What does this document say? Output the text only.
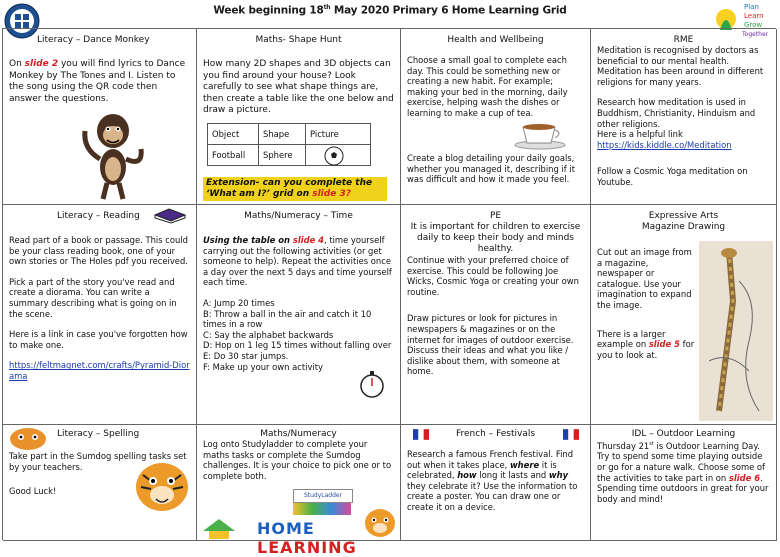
Week beginning 18th May 2020 Primary 6 Home Learning Grid	Plan
Learn
Grow
Together
Literacy – Dance Monkey
On slide 2 you will find lyrics to Dance Monkey by The Tones and I. Listen to the song using the QR code then answer the questions.
Maths- Shape Hunt
How many 2D shapes and 3D objects can you find around your house? Look carefully to see what shape things are, then create a table like the one below and draw a picture.
Object	Shape	Picture
Football	Sphere	
Extension- can you complete the ‘What am I?’ grid on slide 3?
Health and Wellbeing
Choose a small goal to complete each day. This could be something new or creating a new habit. For example; making your bed in the morning, daily exercise, helping wash the dishes or learning to make a cup of tea.
Create a blog detailing your daily goals, whether you managed it, describing if it was difficult and how it made you feel.
RME
Meditation is recognised by doctors as beneficial to our mental health. Meditation has been around in different religions for many years.
Research how meditation is used in Buddhism, Christianity, Hinduism and other religions.
Here is a helpful link
https://kids.kiddle.co/Meditation
Follow a Cosmic Yoga meditation on Youtube.
Literacy – Reading
Read part of a book or passage. This could be your class reading book, one of your own stories or The Holes pdf you received.
Pick a part of the story you've read and create a diorama. You can write a summary describing what is going on in the scene.
Here is a link in case you've forgotten how to make one.
https://feltmagnet.com/crafts/Pyramid-Diorama
Maths/Numeracy – Time
Using the table on slide 4, time yourself carrying out the following activities (or get someone to help). Repeat the activities once a day over the next 5 days and time yourself each time.
A: Jump 20 times
B: Throw a ball in the air and catch it 10 times in a row
C: Say the alphabet backwards
D: Hop on 1 leg 15 times without falling over
E: Do 30 star jumps.
F: Make up your own activity
PE
It is important for children to exercise daily to keep their body and minds healthy.
Continue with your preferred choice of exercise. This could be following Joe Wicks, Cosmic Yoga or creating your own routine.
Draw pictures or look for pictures in newspapers & magazines or on the internet for images of outdoor exercise. Discuss their ideas and what you like / dislike about them, with someone at home.
Expressive Arts
Magazine Drawing
Cut out an image from a magazine, newspaper or catalogue. Use your imagination to expand the image.
There is a larger example on slide 5 for you to look at.
Literacy – Spelling
Take part in the Sumdog spelling tasks set by your teachers.
Good Luck!
Maths/Numeracy
Log onto Studyladder to complete your maths tasks or complete the Sumdog challenges. It is your choice to pick one or to complete both.
StudyLadder
HOME LEARNING
French – Festivals
Research a famous French festival. Find out when it takes place, where it is celebrated, how long it lasts and why they celebrate it? Use the information to create a poster. You can draw one or create it on a device.
IDL – Outdoor Learning
Thursday 21st is Outdoor Learning Day. Try to spend some time playing outside or go for a nature walk. Choose some of the activities to take part in on slide 6. Spending time outdoors in great for your body and mind!
